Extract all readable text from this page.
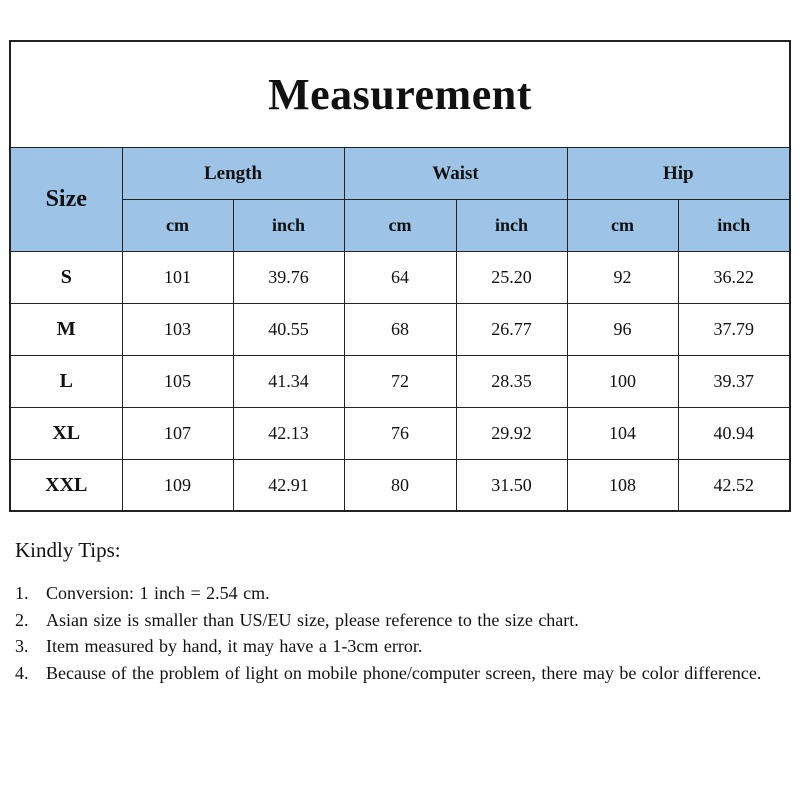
Measurement
Size	Length		Waist		Hip	
	cm	inch	cm	inch	cm	inch
S	101	39.76	64	25.20	92	36.22
M	103	40.55	68	26.77	96	37.79
L	105	41.34	72	28.35	100	39.37
XL	107	42.13	76	29.92	104	40.94
XXL	109	42.91	80	31.50	108	42.52
Kindly Tips:
1. Conversion: 1 inch = 2.54 cm.
2. Asian size is smaller than US/EU size, please reference to the size chart.
3. Item measured by hand, it may have a 1-3cm error.
4. Because of the problem of light on mobile phone/computer screen, there may be color difference.
